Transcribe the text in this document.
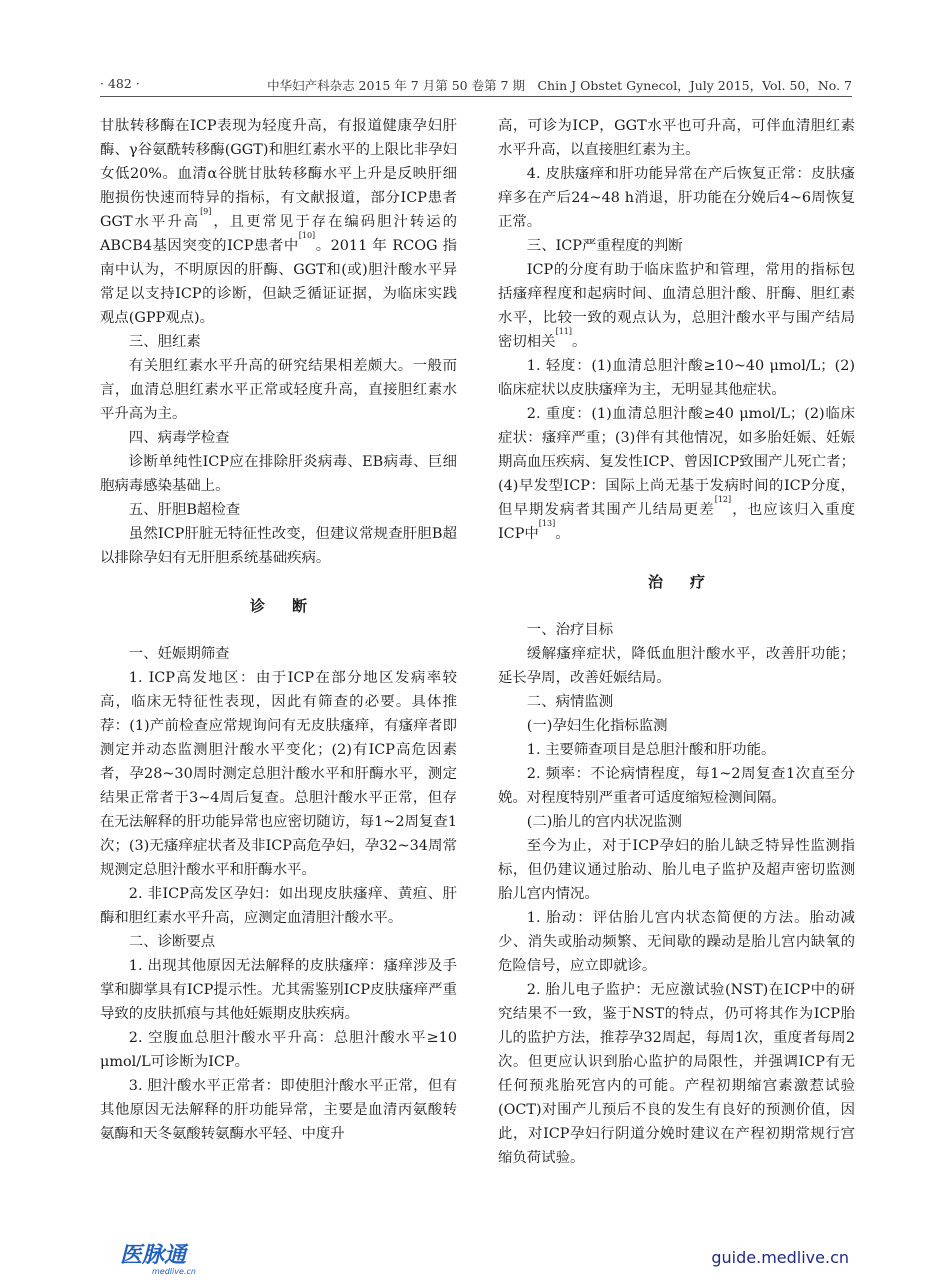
· 482 ·	中华妇产科杂志 2015 年 7 月第 50 卷第 7 期　Chin J Obstet Gynecol，July 2015，Vol. 50，No. 7

甘肽转移酶在ICP表现为轻度升高，有报道健康孕妇肝酶、γ谷氨酰转移酶(GGT)和胆红素水平的上限比非孕妇女低20%。血清α谷胱甘肽转移酶水平上升是反映肝细胞损伤快速而特异的指标，有文献报道，部分ICP患者GGT水平升高[9]，且更常见于存在编码胆汁转运的ABCB4基因突变的ICP患者中[10]。2011 年 RCOG 指南中认为，不明原因的肝酶、GGT和(或)胆汁酸水平异常足以支持ICP的诊断，但缺乏循证证据，为临床实践观点(GPP观点)。

三、胆红素

有关胆红素水平升高的研究结果相差颇大。一般而言，血清总胆红素水平正常或轻度升高，直接胆红素水平升高为主。

四、病毒学检查

诊断单纯性ICP应在排除肝炎病毒、EB病毒、巨细胞病毒感染基础上。

五、肝胆B超检查

虽然ICP肝脏无特征性改变，但建议常规查肝胆B超以排除孕妇有无肝胆系统基础疾病。

诊断

一、妊娠期筛查

1. ICP高发地区：由于ICP在部分地区发病率较高，临床无特征性表现，因此有筛查的必要。具体推荐：(1)产前检查应常规询问有无皮肤瘙痒，有瘙痒者即测定并动态监测胆汁酸水平变化；(2)有ICP高危因素者，孕28~30周时测定总胆汁酸水平和肝酶水平，测定结果正常者于3~4周后复查。总胆汁酸水平正常，但存在无法解释的肝功能异常也应密切随访，每1~2周复查1次；(3)无瘙痒症状者及非ICP高危孕妇，孕32~34周常规测定总胆汁酸水平和肝酶水平。

2. 非ICP高发区孕妇：如出现皮肤瘙痒、黄疸、肝酶和胆红素水平升高，应测定血清胆汁酸水平。

二、诊断要点

1. 出现其他原因无法解释的皮肤瘙痒：瘙痒涉及手掌和脚掌具有ICP提示性。尤其需鉴别ICP皮肤瘙痒严重导致的皮肤抓痕与其他妊娠期皮肤疾病。

2. 空腹血总胆汁酸水平升高：总胆汁酸水平≥10 μmol/L可诊断为ICP。

3. 胆汁酸水平正常者：即使胆汁酸水平正常，但有其他原因无法解释的肝功能异常，主要是血清丙氨酸转氨酶和天冬氨酸转氨酶水平轻、中度升

高，可诊为ICP，GGT水平也可升高，可伴血清胆红素水平升高，以直接胆红素为主。

4. 皮肤瘙痒和肝功能异常在产后恢复正常：皮肤瘙痒多在产后24~48 h消退，肝功能在分娩后4~6周恢复正常。

三、ICP严重程度的判断

ICP的分度有助于临床监护和管理，常用的指标包括瘙痒程度和起病时间、血清总胆汁酸、肝酶、胆红素水平，比较一致的观点认为，总胆汁酸水平与围产结局密切相关[11]。

1. 轻度：(1)血清总胆汁酸≥10~40 μmol/L；(2)临床症状以皮肤瘙痒为主，无明显其他症状。

2. 重度：(1)血清总胆汁酸≥40 μmol/L；(2)临床症状：瘙痒严重；(3)伴有其他情况，如多胎妊娠、妊娠期高血压疾病、复发性ICP、曾因ICP致围产儿死亡者；(4)早发型ICP：国际上尚无基于发病时间的ICP分度，但早期发病者其围产儿结局更差[12]，也应该归入重度ICP中[13]。

治疗

一、治疗目标

缓解瘙痒症状，降低血胆汁酸水平，改善肝功能；延长孕周，改善妊娠结局。

二、病情监测

(一)孕妇生化指标监测

1. 主要筛查项目是总胆汁酸和肝功能。

2. 频率：不论病情程度，每1~2周复查1次直至分娩。对程度特别严重者可适度缩短检测间隔。

(二)胎儿的宫内状况监测

至今为止，对于ICP孕妇的胎儿缺乏特异性监测指标，但仍建议通过胎动、胎儿电子监护及超声密切监测胎儿宫内情况。

1. 胎动：评估胎儿宫内状态简便的方法。胎动减少、消失或胎动频繁、无间歇的躁动是胎儿宫内缺氧的危险信号，应立即就诊。

2. 胎儿电子监护：无应激试验(NST)在ICP中的研究结果不一致，鉴于NST的特点，仍可将其作为ICP胎儿的监护方法，推荐孕32周起，每周1次，重度者每周2次。但更应认识到胎心监护的局限性，并强调ICP有无任何预兆胎死宫内的可能。产程初期缩宫素激惹试验(OCT)对围产儿预后不良的发生有良好的预测价值，因此，对ICP孕妇行阴道分娩时建议在产程初期常规行宫缩负荷试验。

医脉通
medlive.cn
guide.medlive.cn
